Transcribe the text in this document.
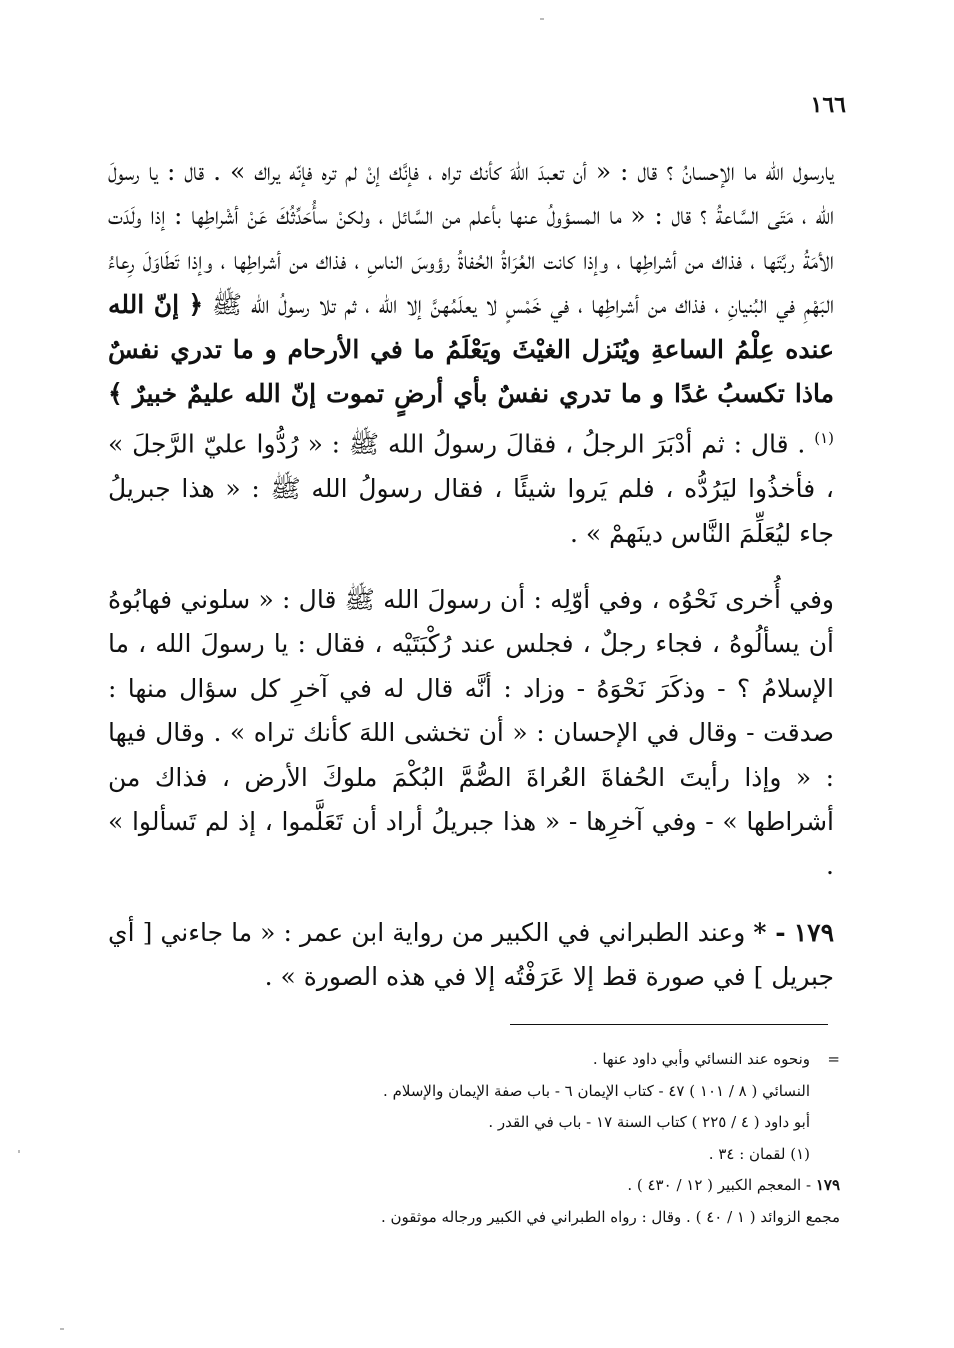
١٦٦

يارسول الله ما الإحسانُ ؟ قال : « أن تعبدَ اللهَ كأنك تراه ، فإنَّك إنْ لم تره فإنّه يراك » . قال : يا رسولَ الله ، مَتَى السَّاعةُ ؟ قال : « ما المسؤولُ عنها بأعلم من السَّائل ، ولكنْ سأُحَدِّثُكَ عَنْ أشْراطِها : إذا ولَدَت الأمَةُ ربَّتَها ، فذاك من أشراطِها ، وإذا كانت العُرَاةُ الحُفاةُ رؤوسَ الناسِ ، فذاك من أشراطِها ، وإذا تَطَاوَلَ رِعاءُ البَهْمِ في البُنيانِ ، فذاك من أشراطِها ، في خَمْسٍ لا يعلَمُهنَّ إلا الله ، ثم تلا رسولُ الله ﷺ ﴿ إنّ الله عنده عِلْمُ الساعةِ ويُنَزل الغيْثَ ويَعْلَمُ ما في الأرحام و ما تدري نفسٌ ماذا تكسبُ غدًا و ما تدري نفسٌ بأي أرضٍ تموت إنّ الله عليمٌ خبيرٌ ﴾ $^{(١)}$ . قال : ثم أدْبَرَ الرجلُ ، فقالَ رسولُ الله ﷺ : « رُدُّوا عليّ الرَّجلَ » ، فأخذُوا ليَرُدُّه ، فلم يَروا شيئًا ، فقال رسولُ الله ﷺ : « هذا جبريلُ جاء ليُعَلِّمَ النَّاس دينَهمْ » .

وفي أُخرى نَحْوُه ، وفي أوّلِه : أن رسولَ الله ﷺ قال : « سلوني فهابُوهُ أن يسألُوهُ ، فجاء رجلٌ ، فجلس عند رُكْبَتَيْه ، فقال : يا رسولَ الله ، ما الإسلامُ ؟ - وذكَرَ نَحْوَهُ - وزاد : أنَّه قال له في آخرِ كل سؤال منها : صدقت - وقال في الإحسان : « أن تخشى اللهَ كأنك تراه » . وقال فيها : « وإذا رأيتَ الحُفاةَ العُراةَ الصُّمَّ البُكْمَ ملوكَ الأرض ، فذاك من أشراطها » - وفي آخرِها - « هذا جبريلُ أراد أن تَعَلَّموا ، إذ لم تَسألوا » .

١٧٩ - * وعند الطبراني في الكبير من رواية ابن عمر : « ما جاءني [ أي جبريل ] في صورة قط إلا عَرَفْتُه إلا في هذه الصورة » .

=ونحوه عند النسائي وأبي داود عنها .
النسائي ( ٨ / ١٠١ ) ٤٧ - كتاب الإيمان ٦ - باب صفة الإيمان والإسلام .
أبو داود ( ٤ / ٢٢٥ ) كتاب السنة ١٧ - باب في القدر .
(١) لقمان : ٣٤ .
١٧٩ - المعجم الكبير ( ١٢ / ٤٣٠ ) .
مجمع الزوائد ( ١ / ٤٠ ) . وقال : رواه الطبراني في الكبير ورجاله موثقون .
